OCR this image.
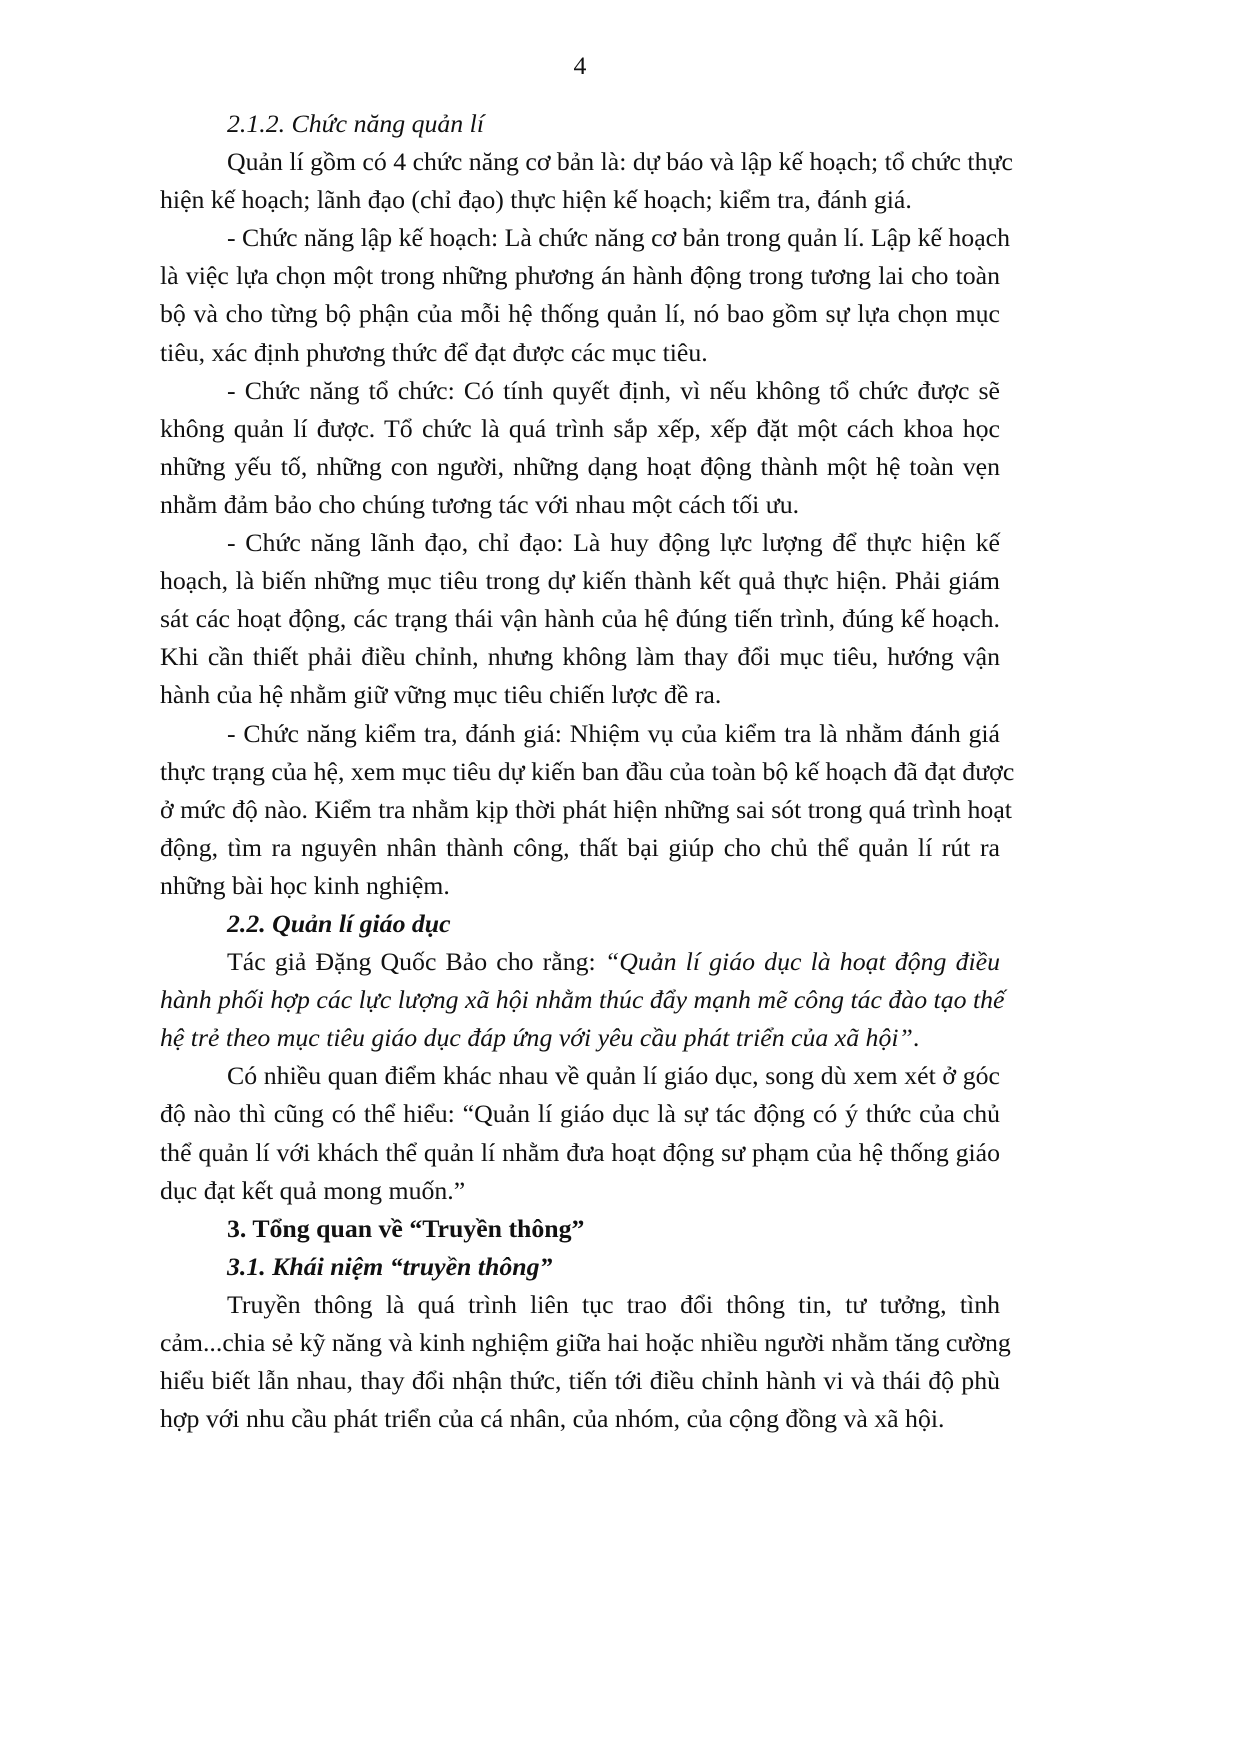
4
2.1.2. Chức năng quản lí
Quản lí gồm có 4 chức năng cơ bản là: dự báo và lập kế hoạch; tổ chức thực
hiện kế hoạch; lãnh đạo (chỉ đạo) thực hiện kế hoạch; kiểm tra, đánh giá.
- Chức năng lập kế hoạch: Là chức năng cơ bản trong quản lí. Lập kế hoạch
là việc lựa chọn một trong những phương án hành động trong tương lai cho toàn
bộ và cho từng bộ phận của mỗi hệ thống quản lí, nó bao gồm sự lựa chọn mục
tiêu, xác định phương thức để đạt được các mục tiêu.
- Chức năng tổ chức: Có tính quyết định, vì nếu không tổ chức được sẽ
không quản lí được. Tổ chức là quá trình sắp xếp, xếp đặt một cách khoa học
những yếu tố, những con người, những dạng hoạt động thành một hệ toàn vẹn
nhằm đảm bảo cho chúng tương tác với nhau một cách tối ưu.
- Chức năng lãnh đạo, chỉ đạo: Là huy động lực lượng để thực hiện kế
hoạch, là biến những mục tiêu trong dự kiến thành kết quả thực hiện. Phải giám
sát các hoạt động, các trạng thái vận hành của hệ đúng tiến trình, đúng kế hoạch.
Khi cần thiết phải điều chỉnh, nhưng không làm thay đổi mục tiêu, hướng vận
hành của hệ nhằm giữ vững mục tiêu chiến lược đề ra.
- Chức năng kiểm tra, đánh giá: Nhiệm vụ của kiểm tra là nhằm đánh giá
thực trạng của hệ, xem mục tiêu dự kiến ban đầu của toàn bộ kế hoạch đã đạt được
ở mức độ nào. Kiểm tra nhằm kịp thời phát hiện những sai sót trong quá trình hoạt
động, tìm ra nguyên nhân thành công, thất bại giúp cho chủ thể quản lí rút ra
những bài học kinh nghiệm.
2.2. Quản lí giáo dục
Tác giả Đặng Quốc Bảo cho rằng: “Quản lí giáo dục là hoạt động điều
hành phối hợp các lực lượng xã hội nhằm thúc đẩy mạnh mẽ công tác đào tạo thế
hệ trẻ theo mục tiêu giáo dục đáp ứng với yêu cầu phát triển của xã hội”.
Có nhiều quan điểm khác nhau về quản lí giáo dục, song dù xem xét ở góc
độ nào thì cũng có thể hiểu: “Quản lí giáo dục là sự tác động có ý thức của chủ
thể quản lí với khách thể quản lí nhằm đưa hoạt động sư phạm của hệ thống giáo
dục đạt kết quả mong muốn.”
3. Tổng quan về “Truyền thông”
3.1. Khái niệm “truyền thông”
Truyền thông là quá trình liên tục trao đổi thông tin, tư tưởng, tình
cảm...chia sẻ kỹ năng và kinh nghiệm giữa hai hoặc nhiều người nhằm tăng cường
hiểu biết lẫn nhau, thay đổi nhận thức, tiến tới điều chỉnh hành vi và thái độ phù
hợp với nhu cầu phát triển của cá nhân, của nhóm, của cộng đồng và xã hội.
